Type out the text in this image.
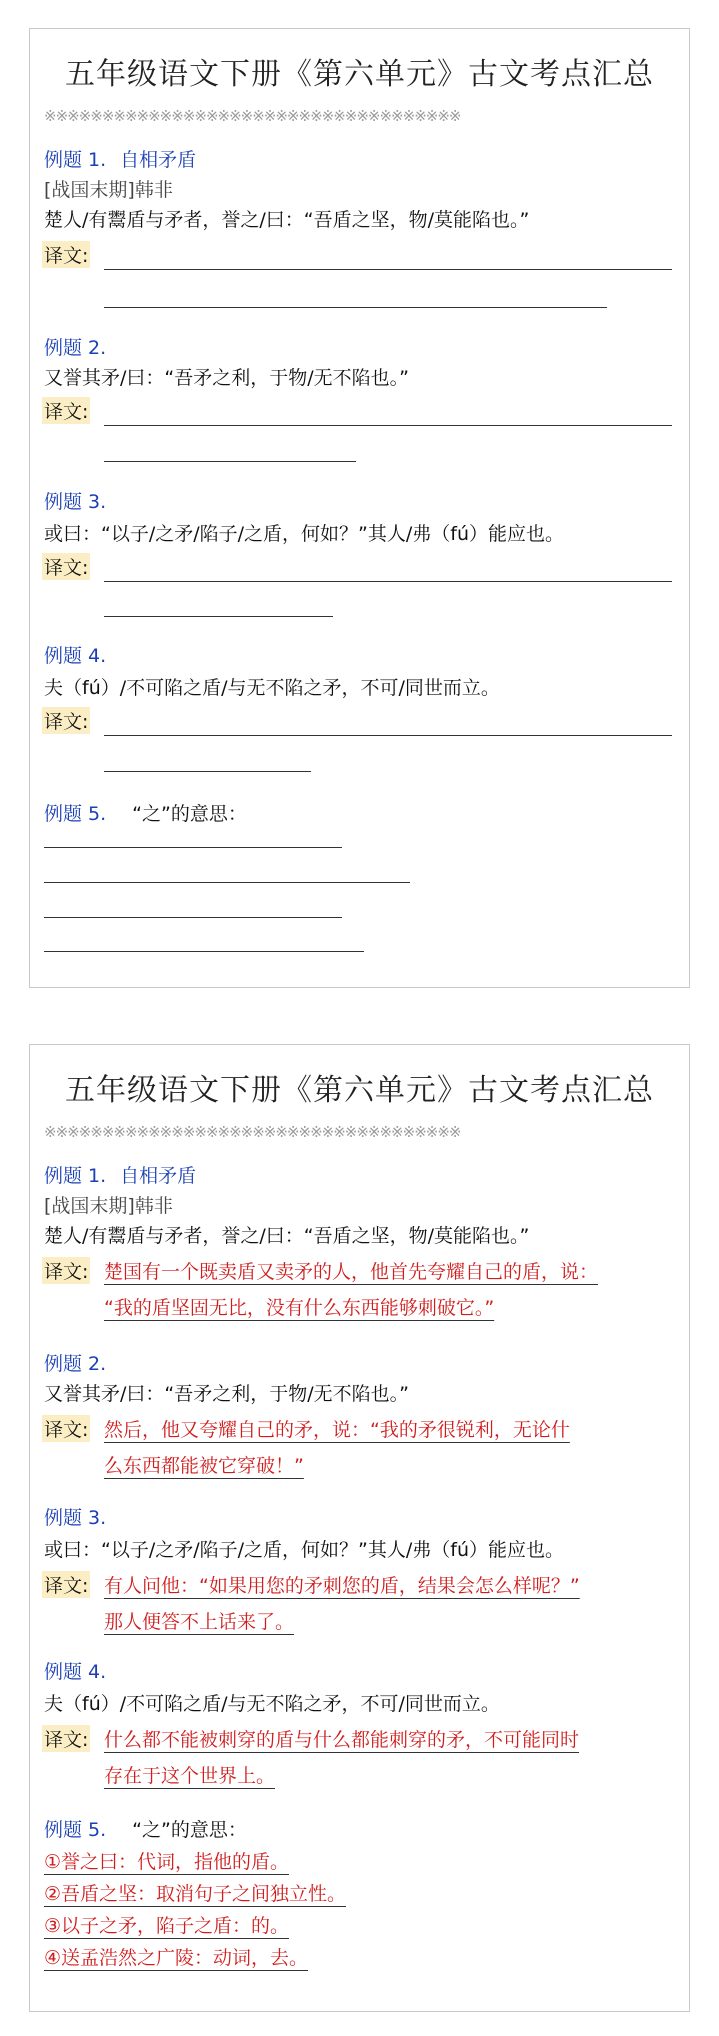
五年级语文下册《第六单元》古文考点汇总
※※※※※※※※※※※※※※※※※※※※※※※※※※※※※※※※※※※※
例题 1. 自相矛盾
[战国末期]韩非
楚人/有鬻盾与矛者，誉之/曰：“吾盾之坚，物/莫能陷也。”
译文:
例题 2.
又誉其矛/曰：“吾矛之利，于物/无不陷也。”
译文:
例题 3.
或曰：“以子/之矛/陷子/之盾，何如？”其人/弗（fú）能应也。
译文:
例题 4.
夫（fú）/不可陷之盾/与无不陷之矛，不可/同世而立。
译文:
例题 5. “之”的意思：
五年级语文下册《第六单元》古文考点汇总
※※※※※※※※※※※※※※※※※※※※※※※※※※※※※※※※※※※※
例题 1. 自相矛盾
[战国末期]韩非
楚人/有鬻盾与矛者，誉之/曰：“吾盾之坚，物/莫能陷也。”
译文: 楚国有一个既卖盾又卖矛的人，他首先夸耀自己的盾，说：
“我的盾坚固无比，没有什么东西能够刺破它。”
例题 2.
又誉其矛/曰：“吾矛之利，于物/无不陷也。”
译文: 然后，他又夸耀自己的矛，说：“我的矛很锐利，无论什
么东西都能被它穿破！”
例题 3.
或曰：“以子/之矛/陷子/之盾，何如？”其人/弗（fú）能应也。
译文: 有人问他：“如果用您的矛刺您的盾，结果会怎么样呢？”
那人便答不上话来了。
例题 4.
夫（fú）/不可陷之盾/与无不陷之矛，不可/同世而立。
译文: 什么都不能被刺穿的盾与什么都能刺穿的矛，不可能同时
存在于这个世界上。
例题 5. “之”的意思：
①誉之曰：代词，指他的盾。
②吾盾之坚：取消句子之间独立性。
③以子之矛，陷子之盾：的。
④送孟浩然之广陵：动词，去。
